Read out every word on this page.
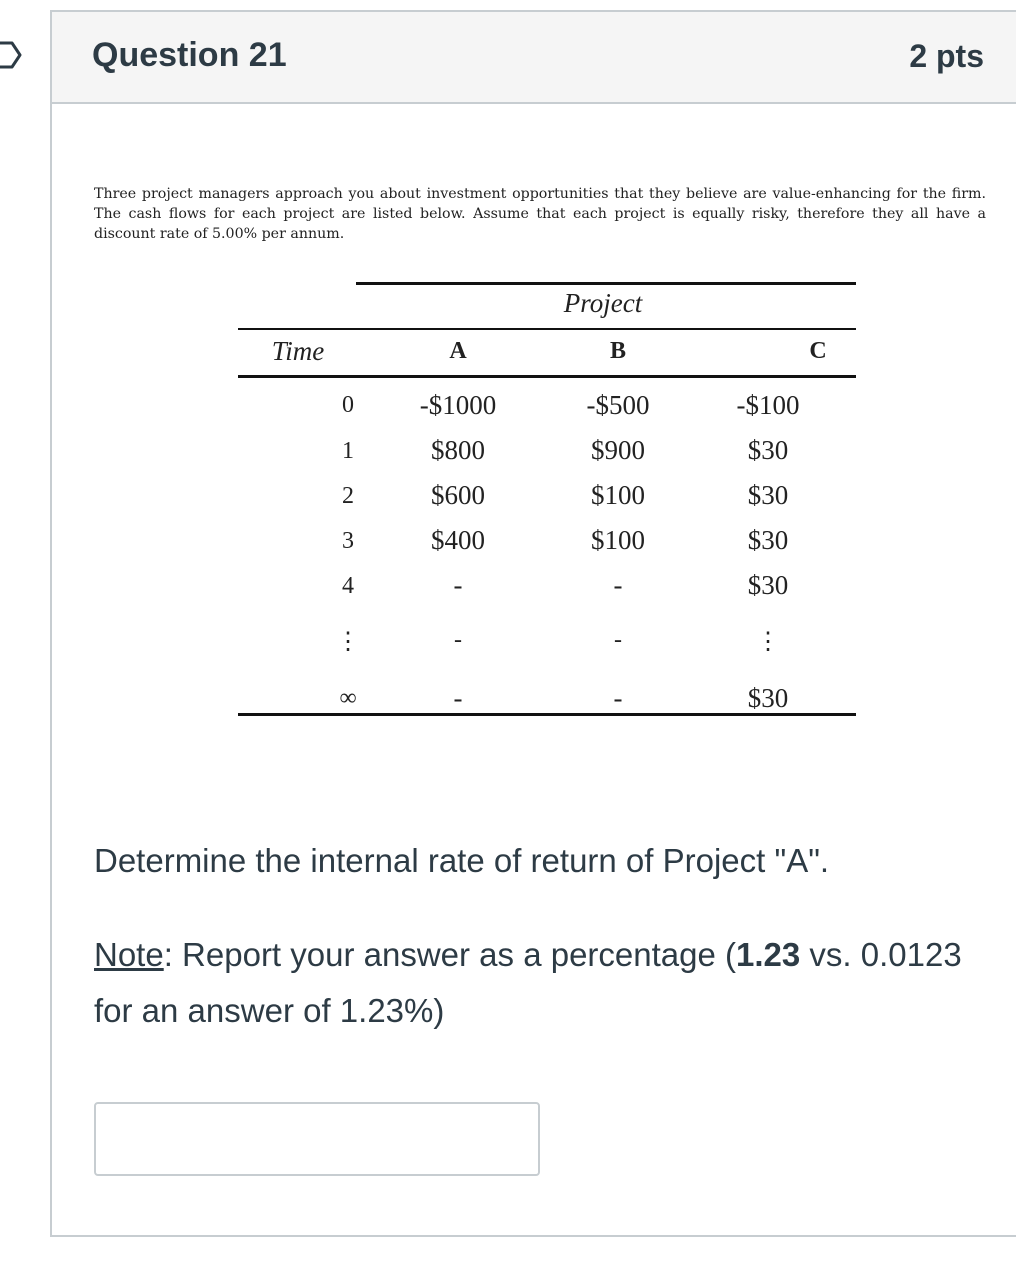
Question 21	2 pts
Three project managers approach you about investment opportunities that they believe are value-enhancing for the firm. The cash flows for each project are listed below. Assume that each project is equally risky, therefore they all have a discount rate of 5.00% per annum.
Project
Time	A	B	C
0	-$1000	-$500	-$100
1	$800	$900	$30
2	$600	$100	$30
3	$400	$100	$30
4	-	-	$30
⋮	-	-	⋮
∞	-	-	$30
Determine the internal rate of return of Project "A".
Note: Report your answer as a percentage (1.23 vs. 0.0123 for an answer of 1.23%)
